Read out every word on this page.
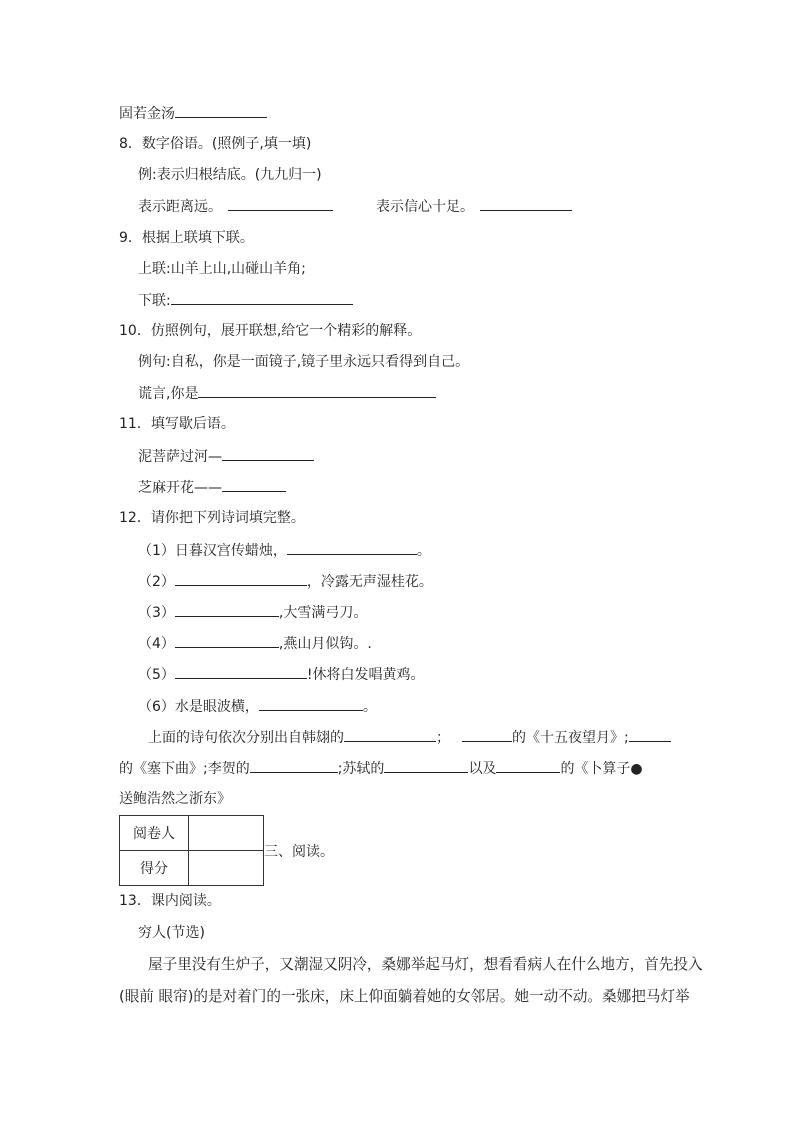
固若金汤
8．数字俗语。(照例子,填一填)
例:表示归根结底。(九九归一)
表示距离远。	表示信心十足。
9．根据上联填下联。
上联:山羊上山,山碰山羊角;
下联:
10．仿照例句，展开联想,给它一个精彩的解释。
例句:自私，你是一面镜子,镜子里永远只看得到自己。
谎言,你是
11．填写歇后语。
泥菩萨过河—
芝麻开花——
12．请你把下列诗词填完整。
（1）日暮汉宫传蜡烛，	。
（2）	，冷露无声湿桂花。
（3）	,大雪满弓刀。
（4）	,燕山月似钩。.
（5）	!休将白发唱黄鸡。
（6）水是眼波横，	。
上面的诗句依次分别出自韩翃的	；	的《十五夜望月》;
的《塞下曲》;李贺的	;苏轼的	以及	的《卜算子●
送鲍浩然之浙东》
阅卷人	
得分	
三、阅读。
13．课内阅读。
穷人(节选)
屋子里没有生炉子，又潮湿又阴冷，桑娜举起马灯，想看看病人在什么地方，首先投入
(眼前 眼帘)的是对着门的一张床，床上仰面躺着她的女邻居。她一动不动。桑娜把马灯举
